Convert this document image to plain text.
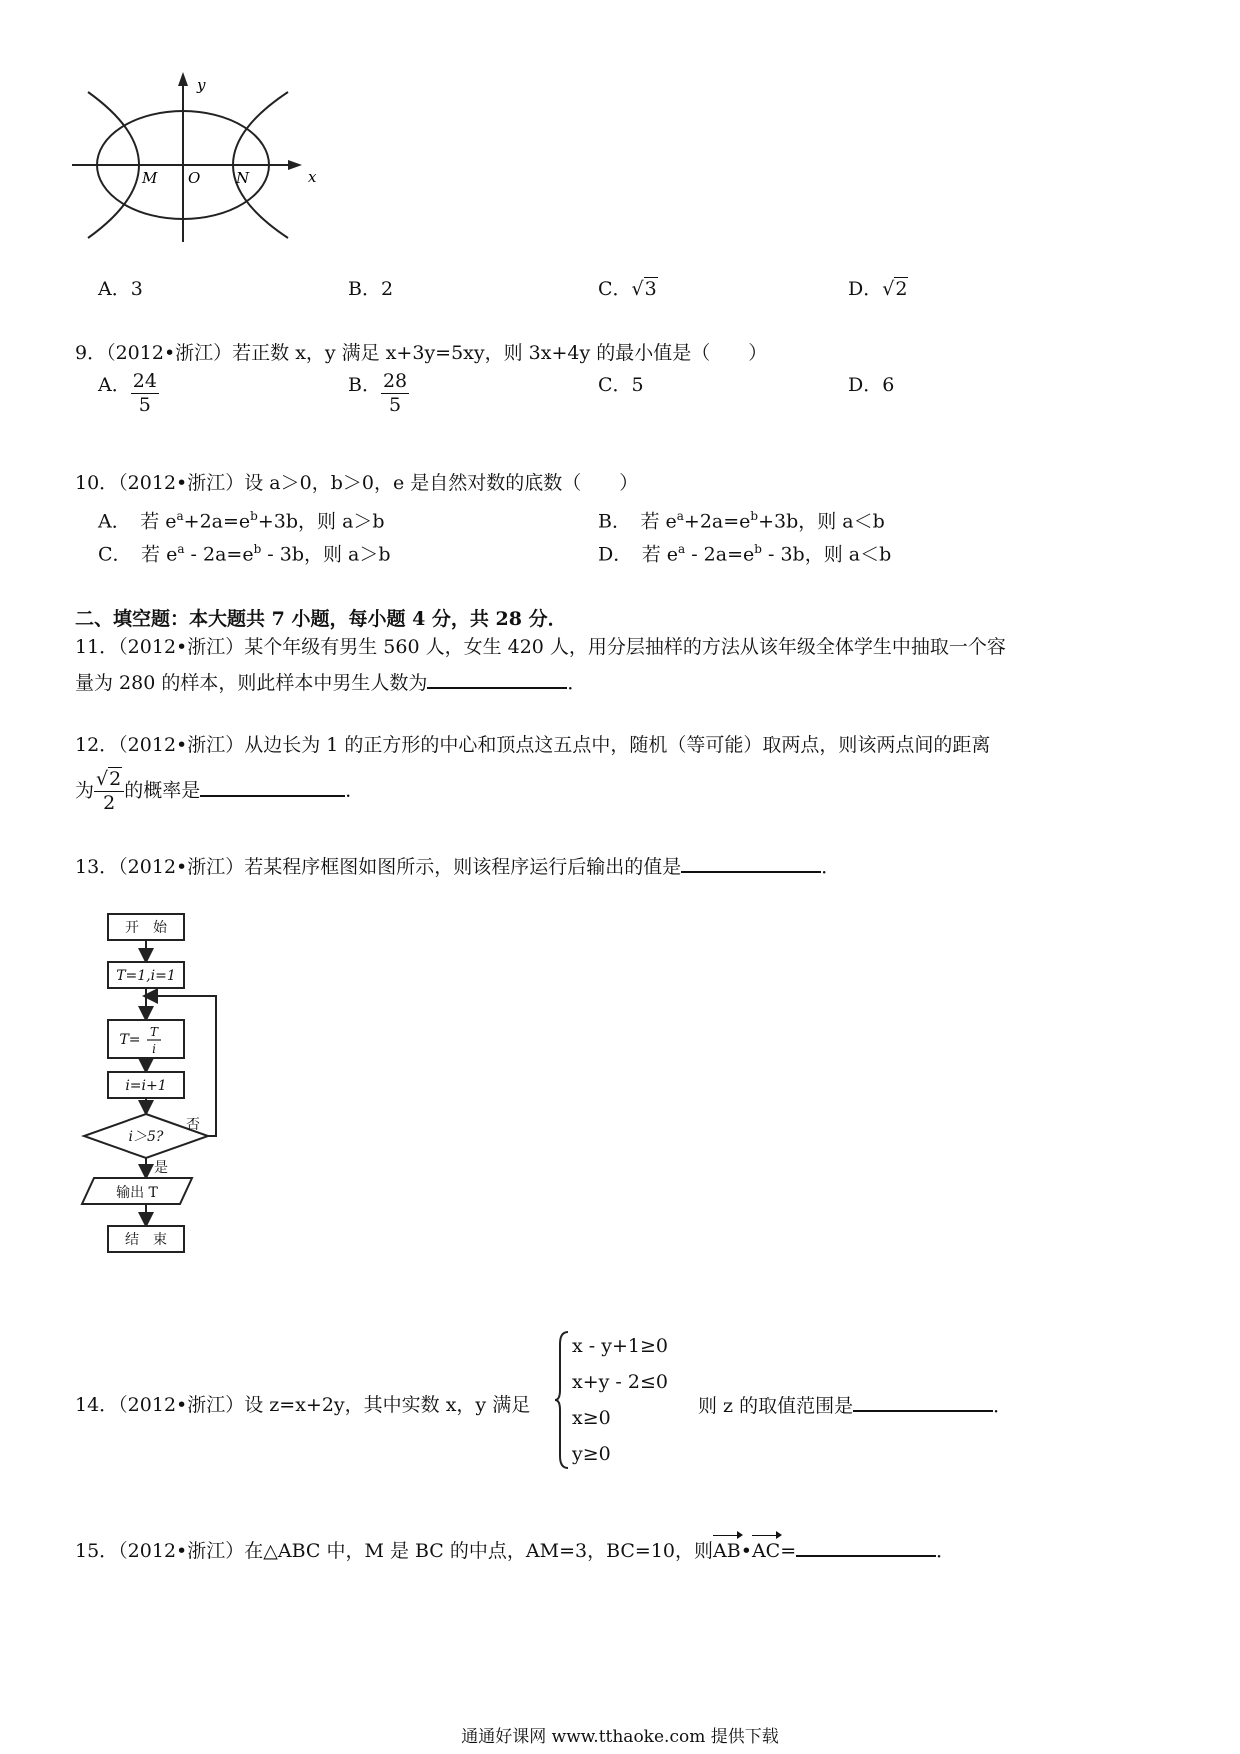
y
x
M O N
A．3	B．2	C．√3	D．√2
9．（2012•浙江）若正数 x，y 满足 x+3y=5xy，则 3x+4y 的最小值是（　　）
A． $\frac{24}{5}$	B． $\frac{28}{5}$	C．5	D．6
10．（2012•浙江）设 a＞0，b＞0，e 是自然对数的底数（　　）
A．　若 $e^a+2a=e^b+3b$，则 a＞b	B．　若 $e^a+2a=e^b+3b$，则 a＜b
C．　若 $e^a - 2a=e^b - 3b$，则 a＞b	D．　若 $e^a - 2a=e^b - 3b$，则 a＜b
二、填空题：本大题共 7 小题，每小题 4 分，共 28 分．
11．（2012•浙江）某个年级有男生 560 人，女生 420 人，用分层抽样的方法从该年级全体学生中抽取一个容
量为 280 的样本，则此样本中男生人数为	．
12．（2012•浙江）从边长为 1 的正方形的中心和顶点这五点中，随机（等可能）取两点，则该两点间的距离
为 $\frac{√2}{2}$ 的概率是	．
13．（2012•浙江）若某程序框图如图所示，则该程序运行后输出的值是	．
开　始
T=1,i=1
T= T
i
i=i+1
i＞5?
否
是
输出 T
结　束
14．（2012•浙江）设 z=x+2y，其中实数 x，y 满足
x - y+1≥0
x+y - 2≤0
x≥0
y≥0
则 z 的取值范围是	．
15．（2012•浙江）在△ABC 中，M 是 BC 的中点，AM=3，BC=10，则AB•AC=	．
通通好课网 www.tthaoke.com 提供下载
